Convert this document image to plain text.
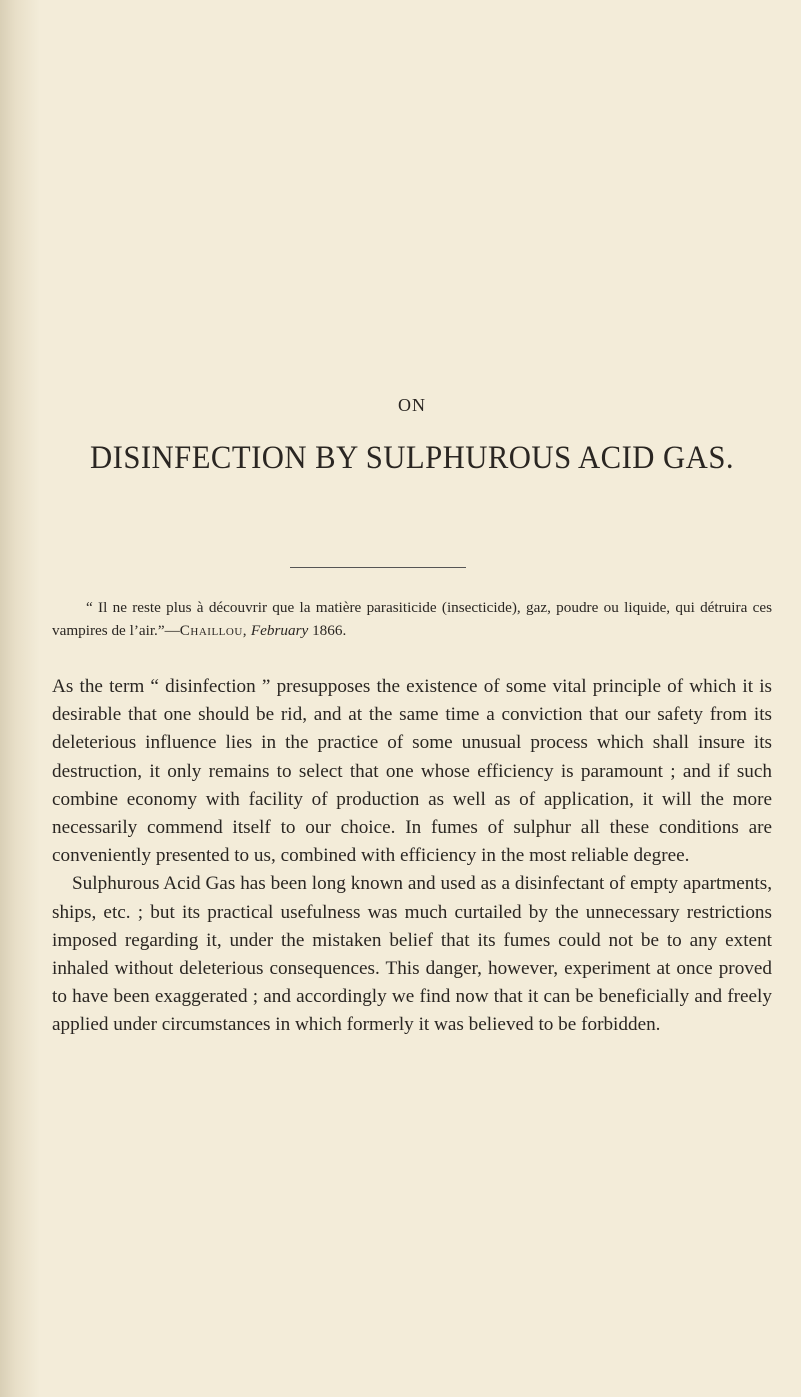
ON
DISINFECTION BY SULPHUROUS ACID GAS.
“ Il ne reste plus à découvrir que la matière parasiticide (insecticide), gaz, poudre ou liquide, qui détruira ces vampires de l’air.”—Chaillou, February 1866.

As the term “ disinfection ” presupposes the existence of some vital principle of which it is desirable that one should be rid, and at the same time a conviction that our safety from its deleterious influence lies in the practice of some unusual process which shall insure its destruction, it only remains to select that one whose efficiency is paramount ; and if such combine economy with facility of production as well as of application, it will the more necessarily commend itself to our choice. In fumes of sulphur all these conditions are conveniently presented to us, combined with efficiency in the most reliable degree.

Sulphurous Acid Gas has been long known and used as a disinfectant of empty apartments, ships, etc. ; but its practical usefulness was much curtailed by the unnecessary restrictions imposed regarding it, under the mistaken belief that its fumes could not be to any extent inhaled without deleterious consequences. This danger, however, experiment at once proved to have been exaggerated ; and accordingly we find now that it can be beneficially and freely applied under circumstances in which formerly it was believed to be forbidden.
